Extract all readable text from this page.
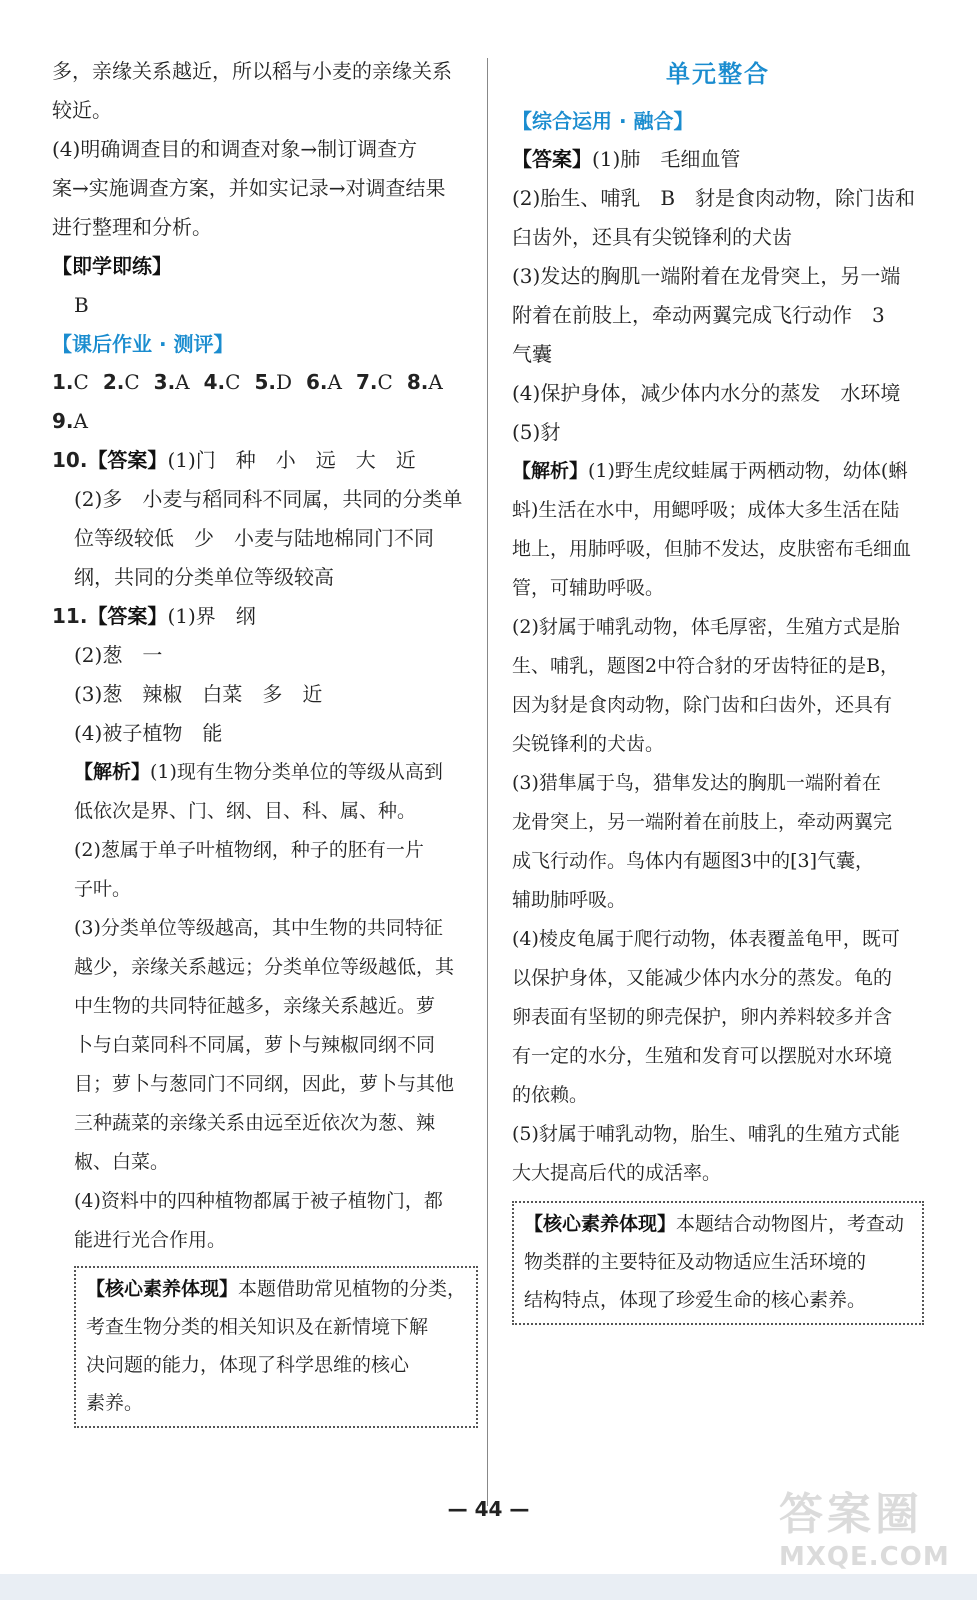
多，亲缘关系越近，所以稻与小麦的亲缘关系

较近。

(4)明确调查目的和调查对象→制订调查方

案→实施调查方案，并如实记录→对调查结果

进行整理和分析。

【即学即练】

B

【课后作业 · 测评】

1.C 2.C 3.A 4.C 5.D 6.A 7.C 8.A

9.A

10.【答案】(1)门　种　小　远　大　近

(2)多　小麦与稻同科不同属，共同的分类单

位等级较低　少　小麦与陆地棉同门不同

纲，共同的分类单位等级较高

11.【答案】(1)界　纲

(2)葱　一

(3)葱　辣椒　白菜　多　近

(4)被子植物　能

【解析】(1)现有生物分类单位的等级从高到

低依次是界、门、纲、目、科、属、种。

(2)葱属于单子叶植物纲，种子的胚有一片

子叶。

(3)分类单位等级越高，其中生物的共同特征

越少，亲缘关系越远；分类单位等级越低，其

中生物的共同特征越多，亲缘关系越近。萝

卜与白菜同科不同属，萝卜与辣椒同纲不同

目；萝卜与葱同门不同纲，因此，萝卜与其他

三种蔬菜的亲缘关系由远至近依次为葱、辣

椒、白菜。

(4)资料中的四种植物都属于被子植物门，都

能进行光合作用。

【核心素养体现】本题借助常见植物的分类，

考查生物分类的相关知识及在新情境下解

决问题的能力，体现了科学思维的核心

素养。

单元整合

【综合运用 · 融合】

【答案】(1)肺　毛细血管

(2)胎生、哺乳　B　豺是食肉动物，除门齿和

臼齿外，还具有尖锐锋利的犬齿

(3)发达的胸肌一端附着在龙骨突上，另一端

附着在前肢上，牵动两翼完成飞行动作　3

气囊

(4)保护身体，减少体内水分的蒸发　水环境

(5)豺

【解析】(1)野生虎纹蛙属于两栖动物，幼体(蝌

蚪)生活在水中，用鳃呼吸；成体大多生活在陆

地上，用肺呼吸，但肺不发达，皮肤密布毛细血

管，可辅助呼吸。

(2)豺属于哺乳动物，体毛厚密，生殖方式是胎

生、哺乳，题图2中符合豺的牙齿特征的是B，

因为豺是食肉动物，除门齿和臼齿外，还具有

尖锐锋利的犬齿。

(3)猎隼属于鸟，猎隼发达的胸肌一端附着在

龙骨突上，另一端附着在前肢上，牵动两翼完

成飞行动作。鸟体内有题图3中的[3]气囊，

辅助肺呼吸。

(4)棱皮龟属于爬行动物，体表覆盖龟甲，既可

以保护身体，又能减少体内水分的蒸发。龟的

卵表面有坚韧的卵壳保护，卵内养料较多并含

有一定的水分，生殖和发育可以摆脱对水环境

的依赖。

(5)豺属于哺乳动物，胎生、哺乳的生殖方式能

大大提高后代的成活率。

【核心素养体现】本题结合动物图片，考查动

物类群的主要特征及动物适应生活环境的

结构特点，体现了珍爱生命的核心素养。

— 44 —	答案圈
MXQE.COM
